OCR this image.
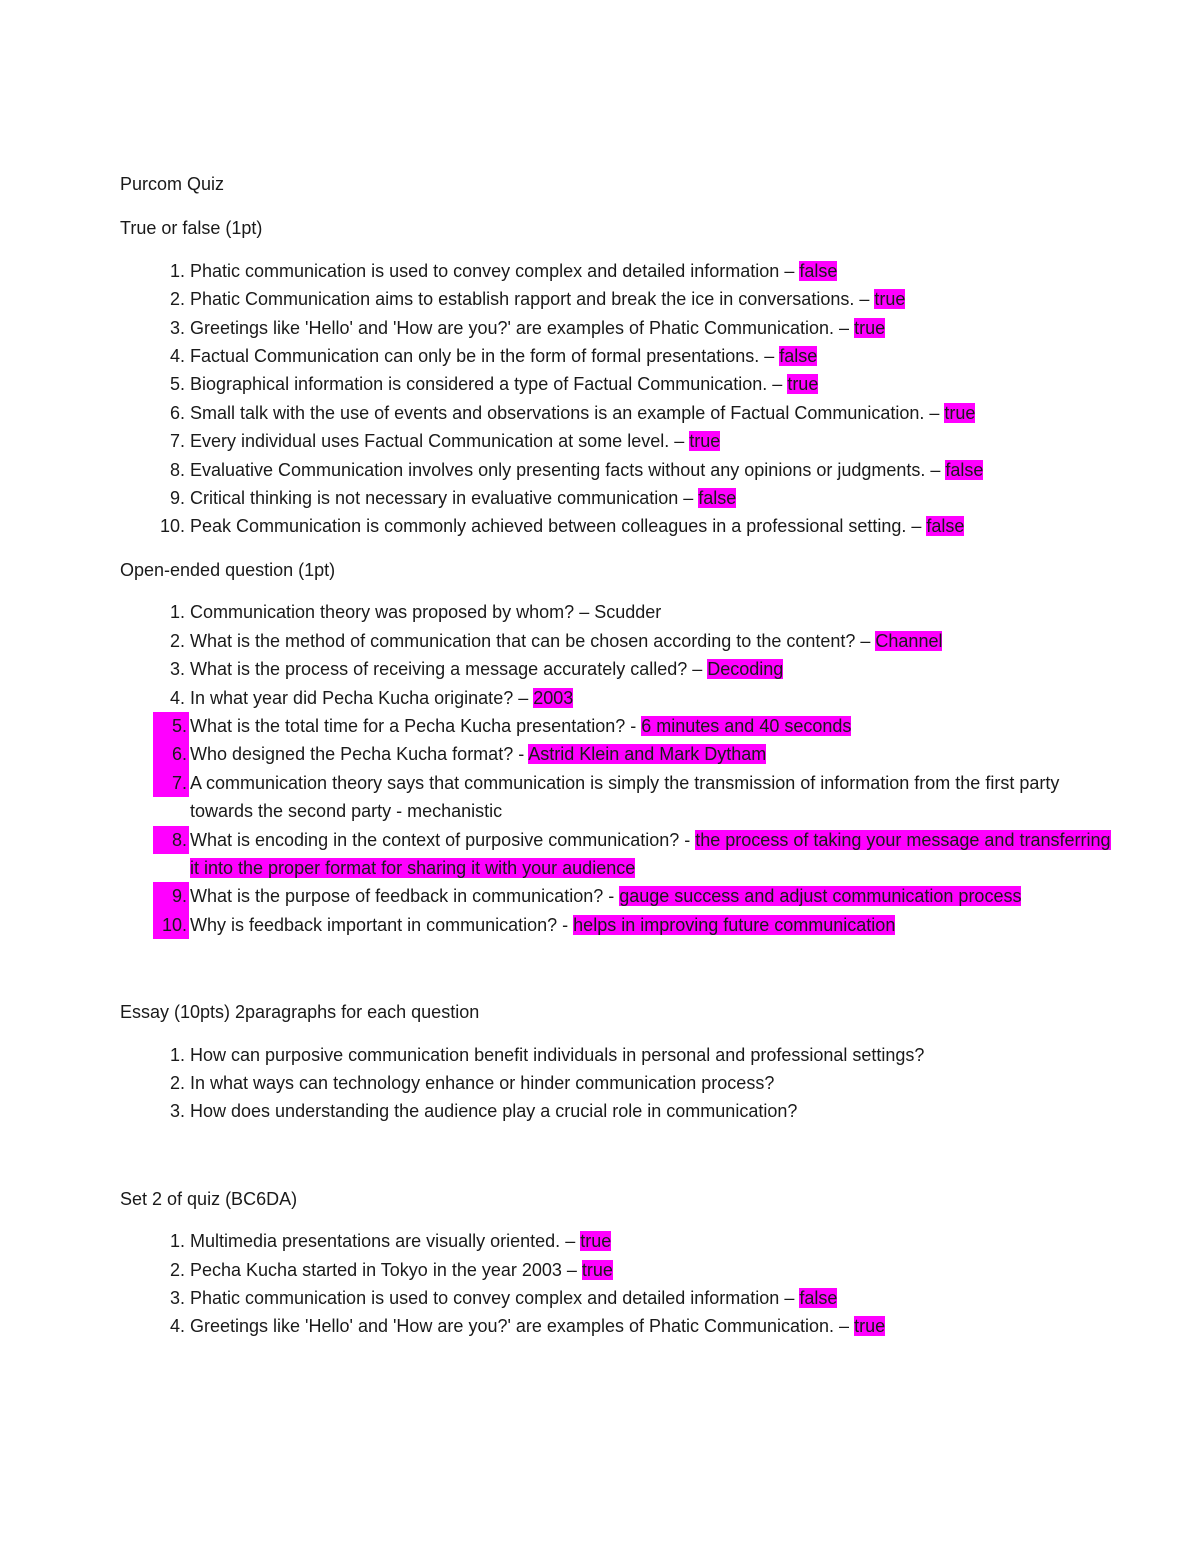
Purcom Quiz

True or false (1pt)

1. Phatic communication is used to convey complex and detailed information – false
2. Phatic Communication aims to establish rapport and break the ice in conversations. – true
3. Greetings like 'Hello' and 'How are you?' are examples of Phatic Communication. – true
4. Factual Communication can only be in the form of formal presentations. – false
5. Biographical information is considered a type of Factual Communication. – true
6. Small talk with the use of events and observations is an example of Factual Communication. – true
7. Every individual uses Factual Communication at some level. – true
8. Evaluative Communication involves only presenting facts without any opinions or judgments. – false
9. Critical thinking is not necessary in evaluative communication – false
10. Peak Communication is commonly achieved between colleagues in a professional setting. – false

Open-ended question (1pt)

1. Communication theory was proposed by whom? – Scudder
2. What is the method of communication that can be chosen according to the content? – Channel
3. What is the process of receiving a message accurately called? – Decoding
4. In what year did Pecha Kucha originate? – 2003
5. What is the total time for a Pecha Kucha presentation? - 6 minutes and 40 seconds
6. Who designed the Pecha Kucha format? - Astrid Klein and Mark Dytham
7. A communication theory says that communication is simply the transmission of information from the first party towards the second party - mechanistic
8. What is encoding in the context of purposive communication? - the process of taking your message and transferring it into the proper format for sharing it with your audience
9. What is the purpose of feedback in communication? - gauge success and adjust communication process
10. Why is feedback important in communication? - helps in improving future communication

Essay (10pts) 2paragraphs for each question

1. How can purposive communication benefit individuals in personal and professional settings?
2. In what ways can technology enhance or hinder communication process?
3. How does understanding the audience play a crucial role in communication?

Set 2 of quiz (BC6DA)

1. Multimedia presentations are visually oriented. – true
2. Pecha Kucha started in Tokyo in the year 2003 – true
3. Phatic communication is used to convey complex and detailed information – false
4. Greetings like 'Hello' and 'How are you?' are examples of Phatic Communication. – true
